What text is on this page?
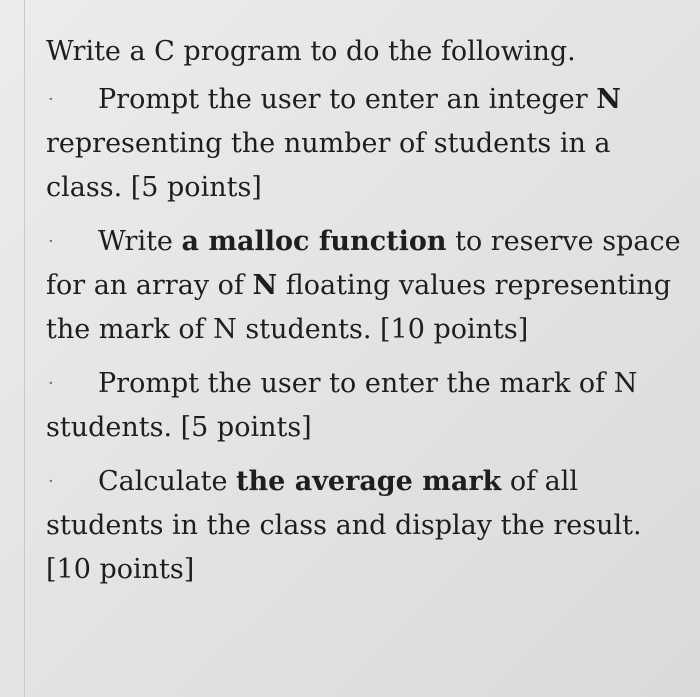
Write a C program to do the following.
·	Prompt the user to enter an integer N representing the number of students in a class. [5 points]
·	Write a malloc function to reserve space for an array of N floating values representing the mark of N students. [10 points]
·	Prompt the user to enter the mark of N students. [5 points]
·	Calculate the average mark of all students in the class and display the result. [10 points]
